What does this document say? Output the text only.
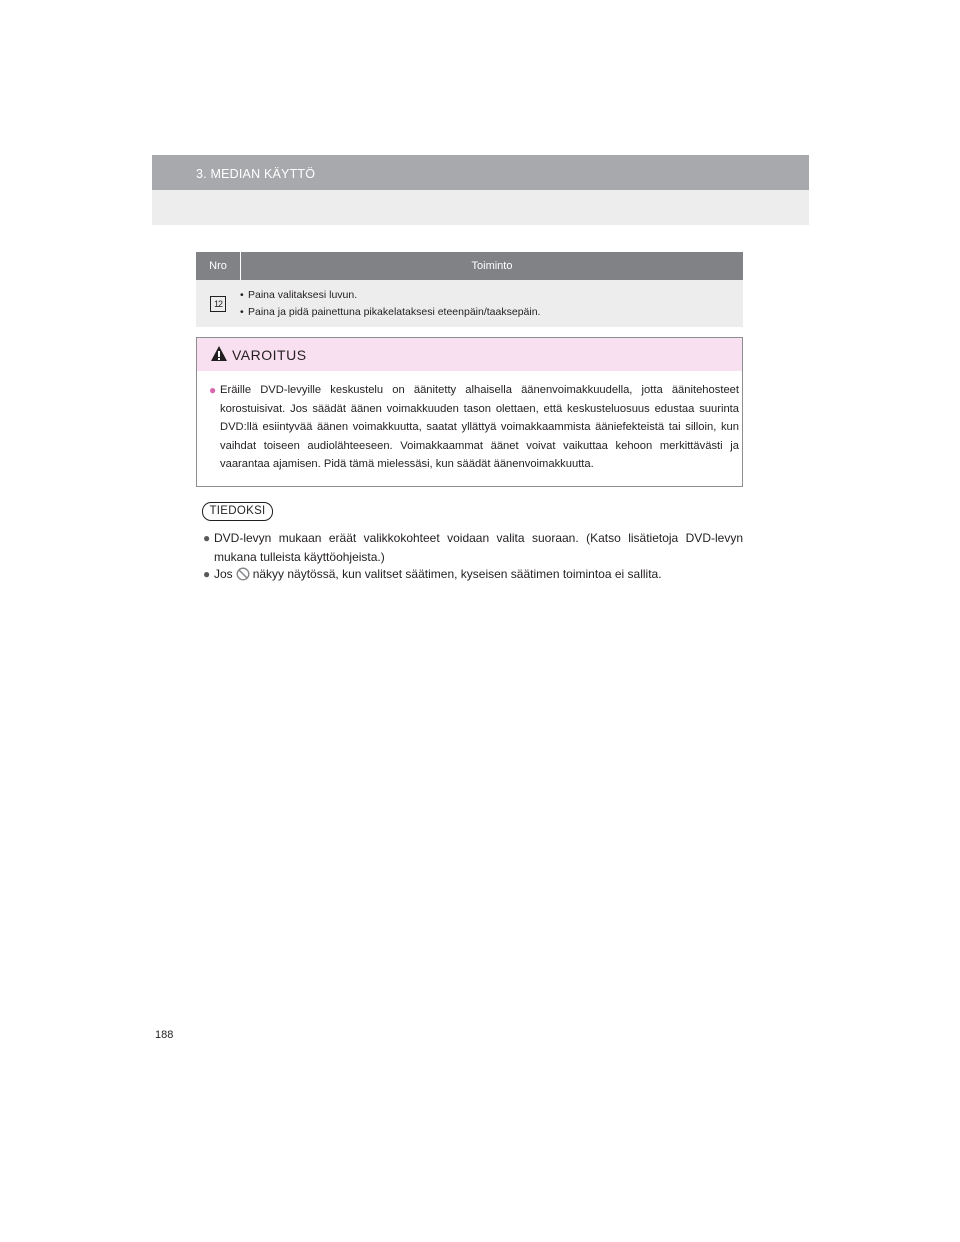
3. MEDIAN KÄYTTÖ
Nro	Toiminto
12
• Paina valitaksesi luvun.
• Paina ja pidä painettuna pikakelataksesi eteenpäin/taaksepäin.
VAROITUS
● Eräille DVD-levyille keskustelu on äänitetty alhaisella äänenvoimakkuudella, jotta äänitehosteet korostuisivat. Jos säädät äänen voimakkuuden tason olettaen, että keskusteluosuus edustaa suurinta DVD:llä esiintyvää äänen voimakkuutta, saatat yllättyä voimakkaammista ääniefekteistä tai silloin, kun vaihdat toiseen audiolähteeseen. Voimakkaammat äänet voivat vaikuttaa kehoon merkittävästi ja vaarantaa ajamisen. Pidä tämä mielessäsi, kun säädät äänenvoimakkuutta.
TIEDOKSI
● DVD-levyn mukaan eräät valikkokohteet voidaan valita suoraan. (Katso lisätietoja DVD-levyn mukana tulleista käyttöohjeista.)
● Jos näkyy näytössä, kun valitset säätimen, kyseisen säätimen toimintoa ei sallita.
188
